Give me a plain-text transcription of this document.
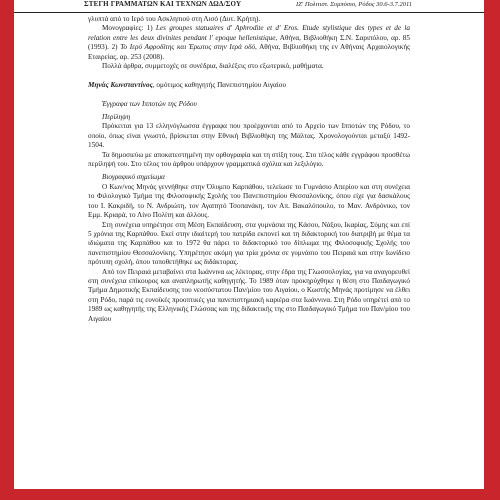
ΣΤΕΓΗ ΓΡΑΜΜΑΤΩΝ ΚΑΙ ΤΕΧΝΩΝ ΔΩΔ/ΣΟΥ	ΙΖ' Πολιτιστ. Συμπόσιο, Ρόδος 30.6-3.7.2011

γλυπτά από το Ιερό του Ασκληπιού στη Λισό (Δυτ. Κρήτη).

Μονογραφίες: 1) Les groupes statuaires d' Aphrodite et d' Eros. Etude stylistique des types et de la relation entre les deux divinites pendant l' epoque hellenistique, Αθήνα, Βιβλιοθήκη Σ.Ν. Σαριπόλου, αρ. 85 (1993). 2) Το Ιερό Αφροδίτης και Έρωτος στην Ιερά οδό, Αθήνα, Βιβλιοθήκη της εν Αθήναις Αρχαιολογικής Εταιρείας, αρ. 253 (2008).

Πολλά άρθρα, συμμετοχές σε συνέδρια, διαλέξεις στο εξωτερικό, μαθήματα.

Μηνάς Κωνσταντίνος, ομότιμος καθηγητής Πανεπιστημίου Αιγαίου

Έγγραφα των Ιπποτών της Ρόδου

Περίληψη

Πρόκειται για 13 ελληνόγλωσσα έγγραφα που προέρχονται από το Αρχείο των Ιπποτών της Ρόδου, το οποίο, όπως είναι γνωστό, βρίσκεται στην Εθνική Βιβλιοθήκη της Μάλτας. Χρονολογούνται μεταξύ 1492-1504.

Τα δημοσιεύω με αποκατεστημένη την ορθογραφία και τη στίξη τους. Στο τέλος κάθε εγγράφου προσθέτω περίληψή του. Στο τέλος του άρθρου υπάρχουν γραμματικά σχόλια και λεξιλόγιο.

Βιογραφικό σημείωμα

Ο Κων/νος Μηνάς γεννήθηκε στην Όλυμπο Καρπάθου, τελείωσε το Γυμνάσιο Απερίου και στη συνέχεια το Φιλολογικό Τμήμα της Φιλοσοφικής Σχολής του Πανεπιστημίου Θεσσαλονίκης, όπου είχε για δασκάλους του Ι. Κακριδή, το Ν. Ανδριώτη, τον Αγαπητό Τσοπανάκη, τον Απ. Βακαλόπουλο, το Μαν. Ανδρόνικο, τον Εμμ. Κριαρά, το Λίνο Πολίτη και άλλους.

Στη συνέχεια υπηρέτησε στη Μέση Εκπαίδευση, στα γυμνάσια της Κάσου, Νάξου, Ικαρίας, Σύμης και επί 5 χρόνια της Καρπάθου. Εκεί στην ιδιαίτερή του πατρίδα εκπονεί και τη διδακτορική του διατριβή με θέμα τα ιδιώματα της Καρπάθου και το 1972 θα πάρει το διδακτορικό του δίπλωμα της Φιλοσοφικής Σχολής του πανεπιστημίου Θεσσαλονίκης. Υπηρέτησε ακόμη για τρία χρόνια σε γυμνάσιο του Πειραιά και στην Ιωνίδειο πρότυπη σχολή, όπου τοποθετήθηκε ως διδάκτορας.

Από τον Πειραιά μεταβαίνει στα Ιωάννινα ως λέκτορας, στην έδρα της Γλωσσολογίας, για να αναγορευθεί στη συνέχεια επίκουρος και αναπληρωτής καθηγητής. Το 1989 όταν προκηρύχθηκε η θέση στο Παιδαγωγικό Τμήμα Δημοτικής Εκπαίδευσης του νεοσύστατου Παν/μίου του Αιγαίου, ο Κωστής Μηνάς προτίμησε να έλθει στη Ρόδο, παρά τις ευνοϊκές προοπτικές για πανεπιστημιακή καριέρα στα Ιωάννινα. Στη Ρόδο υπηρέτεί από το 1989 ως καθηγητής της Ελληνικής Γλώσσας και της διδακτικής της στο Παιδαγωγικό Τμήμα του Παν/μίου του Αιγαίου
